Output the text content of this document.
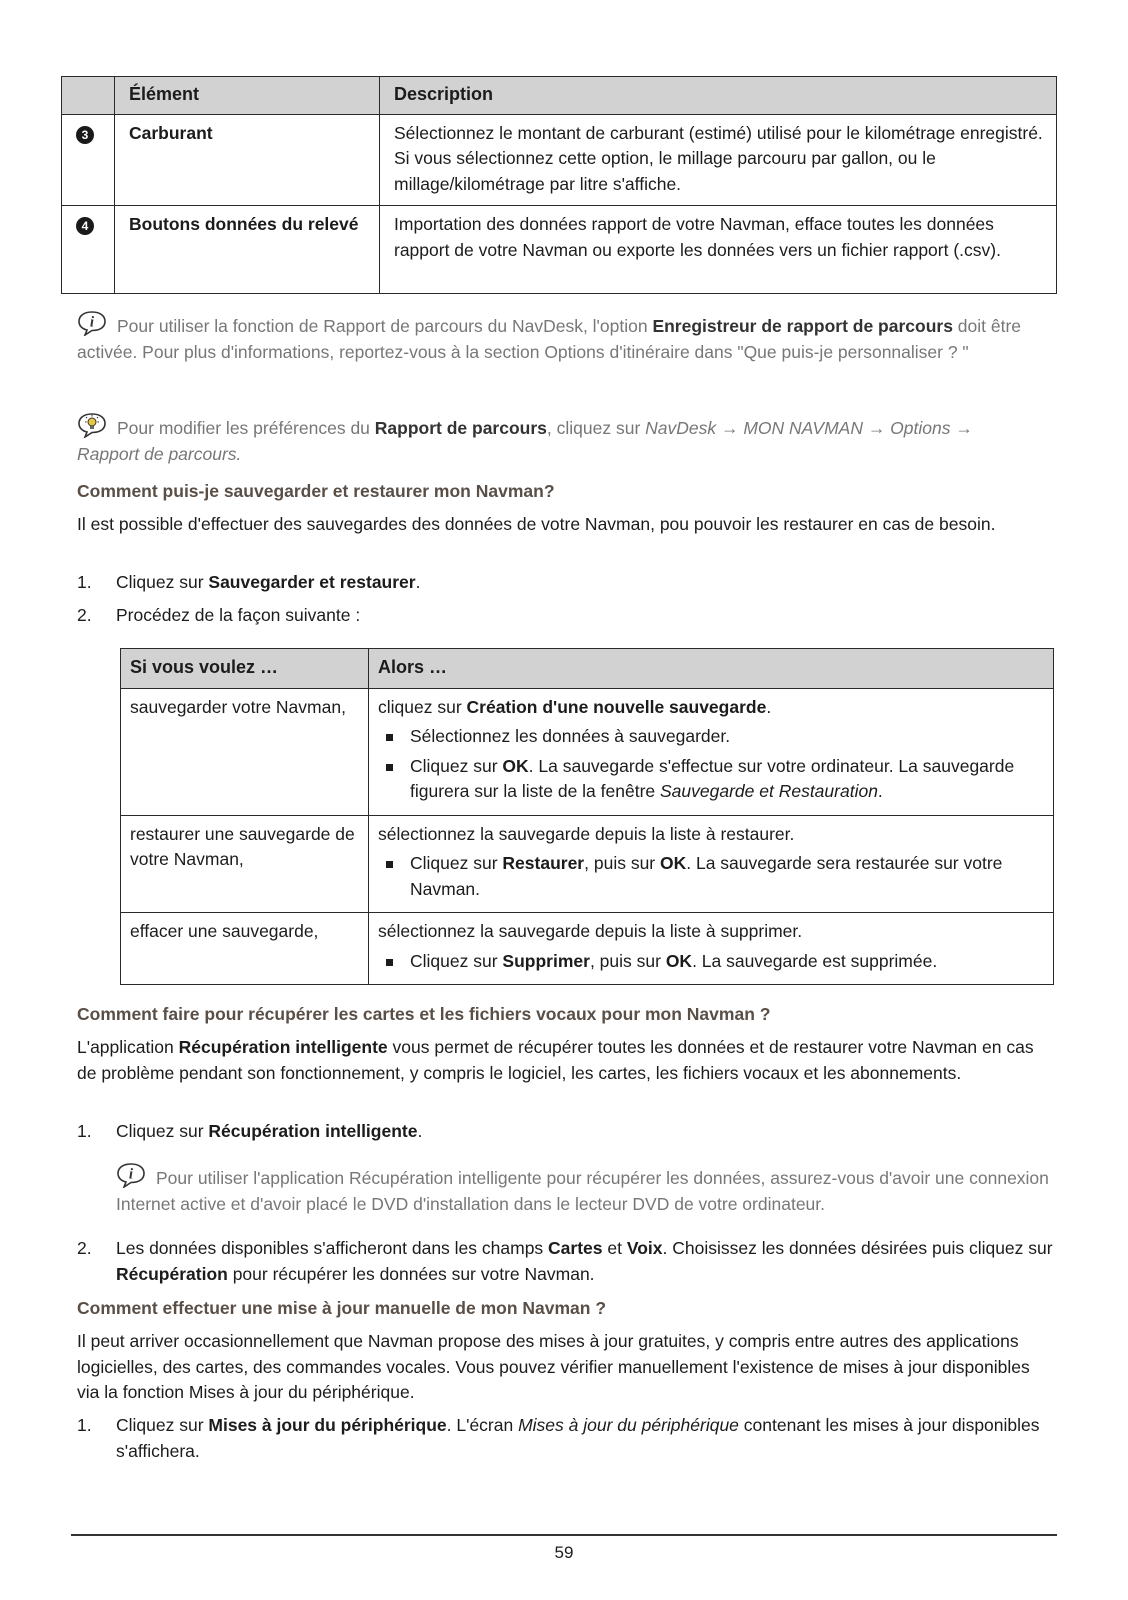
	Élément	Description
3	Carburant	Sélectionnez le montant de carburant (estimé) utilisé pour le kilométrage enregistré. Si vous sélectionnez cette option, le millage parcouru par gallon, ou le millage/kilométrage par litre s'affiche.
4	Boutons données du relevé	Importation des données rapport de votre Navman, efface toutes les données rapport de votre Navman ou exporte les données vers un fichier rapport (.csv).
i Pour utiliser la fonction de Rapport de parcours du NavDesk, l'option Enregistreur de rapport de parcours doit être activée. Pour plus d'informations, reportez-vous à la section Options d'itinéraire dans "Que puis-je personnaliser ? "
Pour modifier les préférences du Rapport de parcours, cliquez sur NavDesk → MON NAVMAN → Options → Rapport de parcours.
Comment puis-je sauvegarder et restaurer mon Navman?
Il est possible d'effectuer des sauvegardes des données de votre Navman, pou pouvoir les restaurer en cas de besoin.
1. Cliquez sur Sauvegarder et restaurer.
2. Procédez de la façon suivante :
Si vous voulez …	Alors …
sauvegarder votre Navman,	cliquez sur Création d'une nouvelle sauvegarde.
Sélectionnez les données à sauvegarder.
Cliquez sur OK. La sauvegarde s'effectue sur votre ordinateur. La sauvegarde figurera sur la liste de la fenêtre Sauvegarde et Restauration.

restaurer une sauvegarde de votre Navman,	sélectionnez la sauvegarde depuis la liste à restaurer.
Cliquez sur Restaurer, puis sur OK. La sauvegarde sera restaurée sur votre Navman.

effacer une sauvegarde,	sélectionnez la sauvegarde depuis la liste à supprimer.
Cliquez sur Supprimer, puis sur OK. La sauvegarde est supprimée.
Comment faire pour récupérer les cartes et les fichiers vocaux pour mon Navman ?
L'application Récupération intelligente vous permet de récupérer toutes les données et de restaurer votre Navman en cas de problème pendant son fonctionnement, y compris le logiciel, les cartes, les fichiers vocaux et les abonnements.
1. Cliquez sur Récupération intelligente.
i Pour utiliser l'application Récupération intelligente pour récupérer les données, assurez-vous d'avoir une connexion Internet active et d'avoir placé le DVD d'installation dans le lecteur DVD de votre ordinateur.
2. Les données disponibles s'afficheront dans les champs Cartes et Voix. Choisissez les données désirées puis cliquez sur Récupération pour récupérer les données sur votre Navman.
Comment effectuer une mise à jour manuelle de mon Navman ?
Il peut arriver occasionnellement que Navman propose des mises à jour gratuites, y compris entre autres des applications logicielles, des cartes, des commandes vocales. Vous pouvez vérifier manuellement l'existence de mises à jour disponibles via la fonction Mises à jour du périphérique.
1. Cliquez sur Mises à jour du périphérique. L'écran Mises à jour du périphérique contenant les mises à jour disponibles s'affichera.
59
